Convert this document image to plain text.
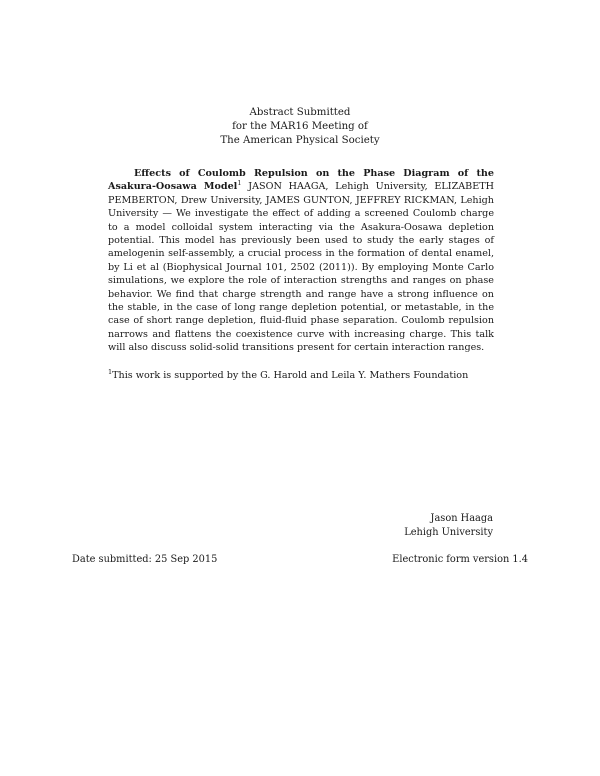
Abstract Submitted
for the MAR16 Meeting of
The American Physical Society
Effects of Coulomb Repulsion on the Phase Diagram of the Asakura-Oosawa Model$^1$ JASON HAAGA, Lehigh University, ELIZABETH PEMBERTON, Drew University, JAMES GUNTON, JEFFREY RICKMAN, Lehigh University — We investigate the effect of adding a screened Coulomb charge to a model colloidal system interacting via the Asakura-Oosawa depletion potential. This model has previously been used to study the early stages of amelogenin self-assembly, a crucial process in the formation of dental enamel, by Li et al (Biophysical Journal 101, 2502 (2011)). By employing Monte Carlo simulations, we explore the role of interaction strengths and ranges on phase behavior. We find that charge strength and range have a strong influence on the stable, in the case of long range depletion potential, or metastable, in the case of short range depletion, fluid-fluid phase separation. Coulomb repulsion narrows and flattens the coexistence curve with increasing charge. This talk will also discuss solid-solid transitions present for certain interaction ranges.
$^1$This work is supported by the G. Harold and Leila Y. Mathers Foundation
Jason Haaga
Lehigh University
Date submitted: 25 Sep 2015	Electronic form version 1.4
